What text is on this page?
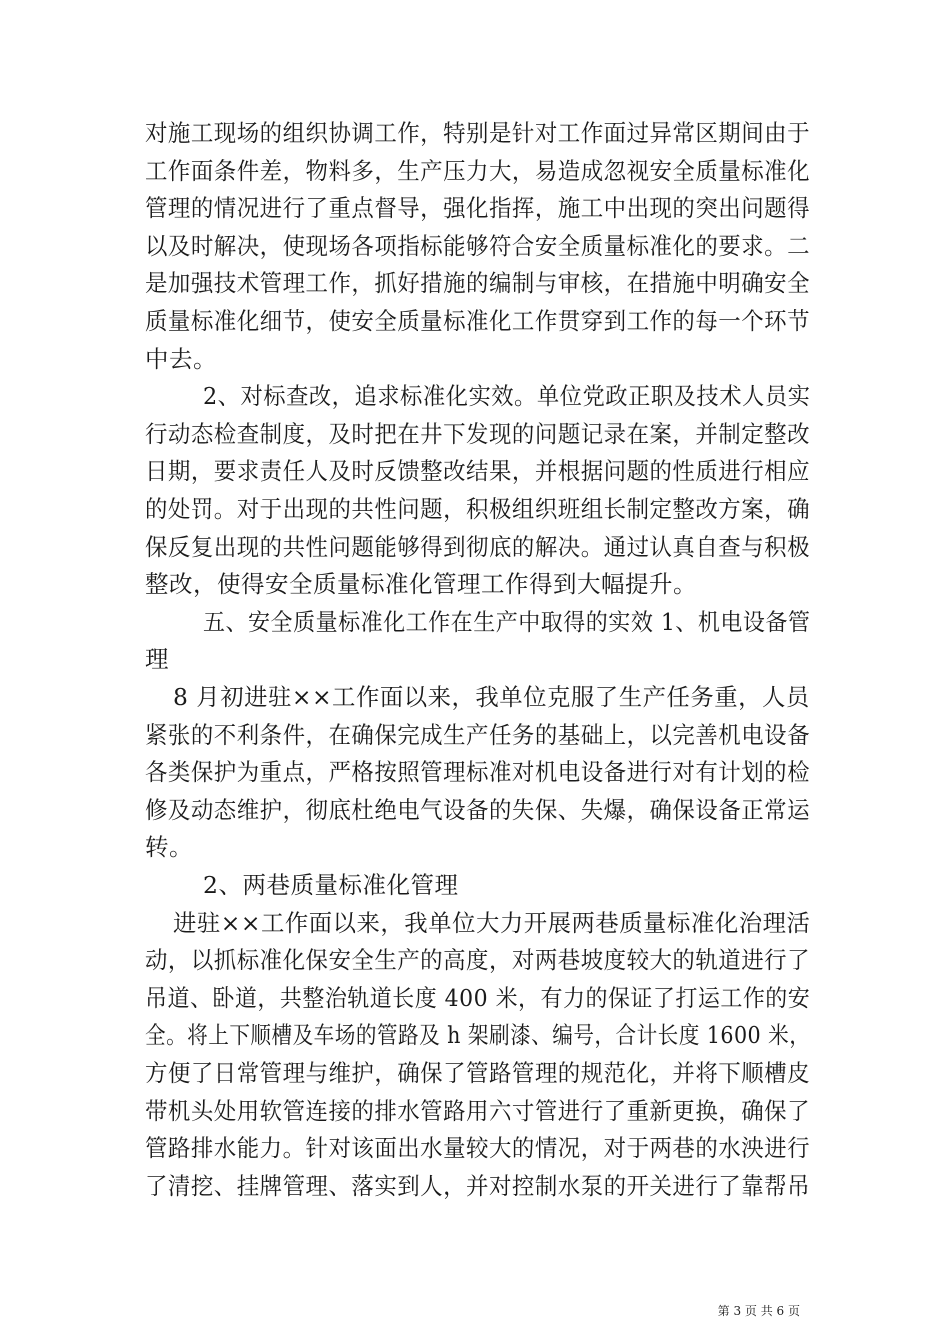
对施工现场的组织协调工作，特别是针对工作面过异常区期间由于
工作面条件差，物料多，生产压力大，易造成忽视安全质量标准化
管理的情况进行了重点督导，强化指挥，施工中出现的突出问题得
以及时解决，使现场各项指标能够符合安全质量标准化的要求。二
是加强技术管理工作，抓好措施的编制与审核，在措施中明确安全
质量标准化细节，使安全质量标准化工作贯穿到工作的每一个环节
中去。
2、对标查改，追求标准化实效。单位党政正职及技术人员实
行动态检查制度，及时把在井下发现的问题记录在案，并制定整改
日期，要求责任人及时反馈整改结果，并根据问题的性质进行相应
的处罚。对于出现的共性问题，积极组织班组长制定整改方案，确
保反复出现的共性问题能够得到彻底的解决。通过认真自查与积极
整改，使得安全质量标准化管理工作得到大幅提升。
五、安全质量标准化工作在生产中取得的实效 1、机电设备管
理
8 月初进驻××工作面以来，我单位克服了生产任务重，人员
紧张的不利条件，在确保完成生产任务的基础上，以完善机电设备
各类保护为重点，严格按照管理标准对机电设备进行对有计划的检
修及动态维护，彻底杜绝电气设备的失保、失爆，确保设备正常运
转。
2、两巷质量标准化管理
进驻××工作面以来，我单位大力开展两巷质量标准化治理活
动，以抓标准化保安全生产的高度，对两巷坡度较大的轨道进行了
吊道、卧道，共整治轨道长度 400 米，有力的保证了打运工作的安
全。将上下顺槽及车场的管路及 h 架刷漆、编号，合计长度 1600 米，
方便了日常管理与维护，确保了管路管理的规范化，并将下顺槽皮
带机头处用软管连接的排水管路用六寸管进行了重新更换，确保了
管路排水能力。针对该面出水量较大的情况，对于两巷的水泱进行
了清挖、挂牌管理、落实到人，并对控制水泵的开关进行了靠帮吊
第 3 页 共 6 页
